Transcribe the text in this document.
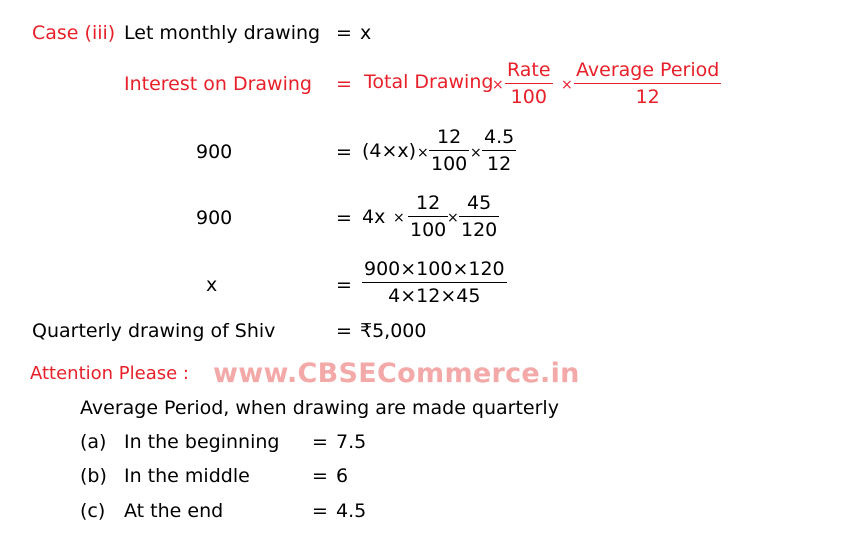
Case (iii) Let monthly drawing = x
Interest on Drawing = Total Drawing
×
Rate
100
×
Average Period
12
900	= (4×x) ×
12
100 ×
4.5
12
900	= 4x ×
12
100
×
45
120
x	=
900×100×120
4×12×45
Quarterly drawing of Shiv	= ₹5,000
Attention Please : www.CBSECommerce.in
Average Period, when drawing are made quarterly
(a) In the beginning = 7.5
(b) In the middle	= 6
(c) At the end	= 4.5
